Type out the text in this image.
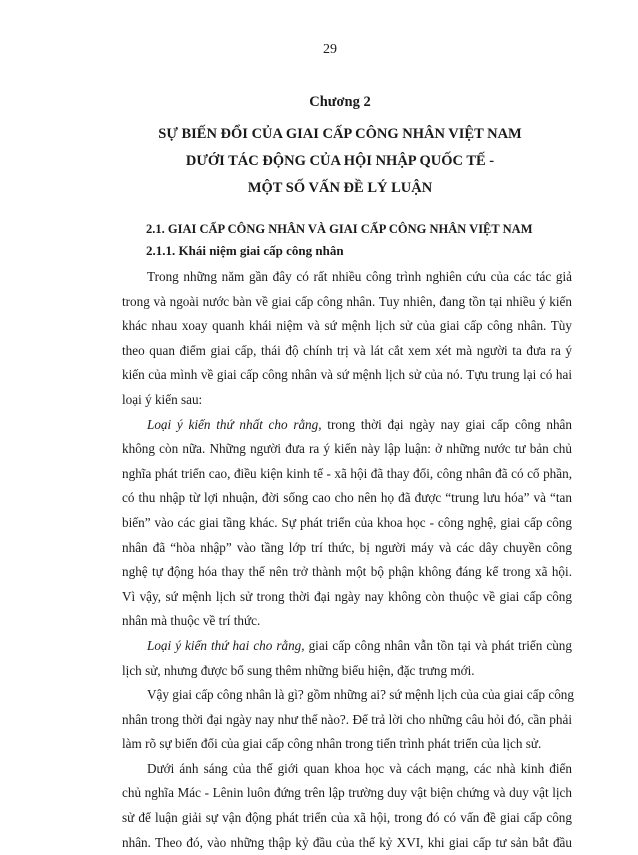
29
Chương 2
SỰ BIẾN ĐỔI CỦA GIAI CẤP CÔNG NHÂN VIỆT NAM
DƯỚI TÁC ĐỘNG CỦA HỘI NHẬP QUỐC TẾ -
MỘT SỐ VẤN ĐỀ LÝ LUẬN
2.1. GIAI CẤP CÔNG NHÂN VÀ GIAI CẤP CÔNG NHÂN VIỆT NAM
2.1.1. Khái niệm giai cấp công nhân
Trong những năm gần đây có rất nhiều công trình nghiên cứu của các tác giả
trong và ngoài nước bàn về giai cấp công nhân. Tuy nhiên, đang tồn tại nhiều ý kiến
khác nhau xoay quanh khái niệm và sứ mệnh lịch sử của giai cấp công nhân. Tùy
theo quan điểm giai cấp, thái độ chính trị và lát cắt xem xét mà người ta đưa ra ý
kiến của mình về giai cấp công nhân và sứ mệnh lịch sử của nó. Tựu trung lại có hai
loại ý kiến sau:
Loại ý kiến thứ nhất cho rằng, trong thời đại ngày nay giai cấp công nhân
không còn nữa. Những người đưa ra ý kiến này lập luận: ở những nước tư bản chủ
nghĩa phát triển cao, điều kiện kinh tế - xã hội đã thay đổi, công nhân đã có cổ phần,
có thu nhập từ lợi nhuận, đời sống cao cho nên họ đã được “trung lưu hóa” và “tan
biến” vào các giai tầng khác. Sự phát triển của khoa học - công nghệ, giai cấp công
nhân đã “hòa nhập” vào tầng lớp trí thức, bị người máy và các dây chuyền công
nghệ tự động hóa thay thế nên trở thành một bộ phận không đáng kể trong xã hội.
Vì vậy, sứ mệnh lịch sử trong thời đại ngày nay không còn thuộc về giai cấp công
nhân mà thuộc về trí thức.
Loại ý kiến thứ hai cho rằng, giai cấp công nhân vẫn tồn tại và phát triển cùng
lịch sử, nhưng được bổ sung thêm những biểu hiện, đặc trưng mới.
Vậy giai cấp công nhân là gì? gồm những ai? sứ mệnh lịch của của giai cấp công
nhân trong thời đại ngày nay như thế nào?. Để trả lời cho những câu hỏi đó, cần phải
làm rõ sự biến đổi của giai cấp công nhân trong tiến trình phát triển của lịch sử.
Dưới ánh sáng của thế giới quan khoa học và cách mạng, các nhà kinh điển
chủ nghĩa Mác - Lênin luôn đứng trên lập trường duy vật biện chứng và duy vật lịch
sử để luận giải sự vận động phát triển của xã hội, trong đó có vấn đề giai cấp công
nhân. Theo đó, vào những thập kỷ đầu của thế kỷ XVI, khi giai cấp tư sản bắt đầu
